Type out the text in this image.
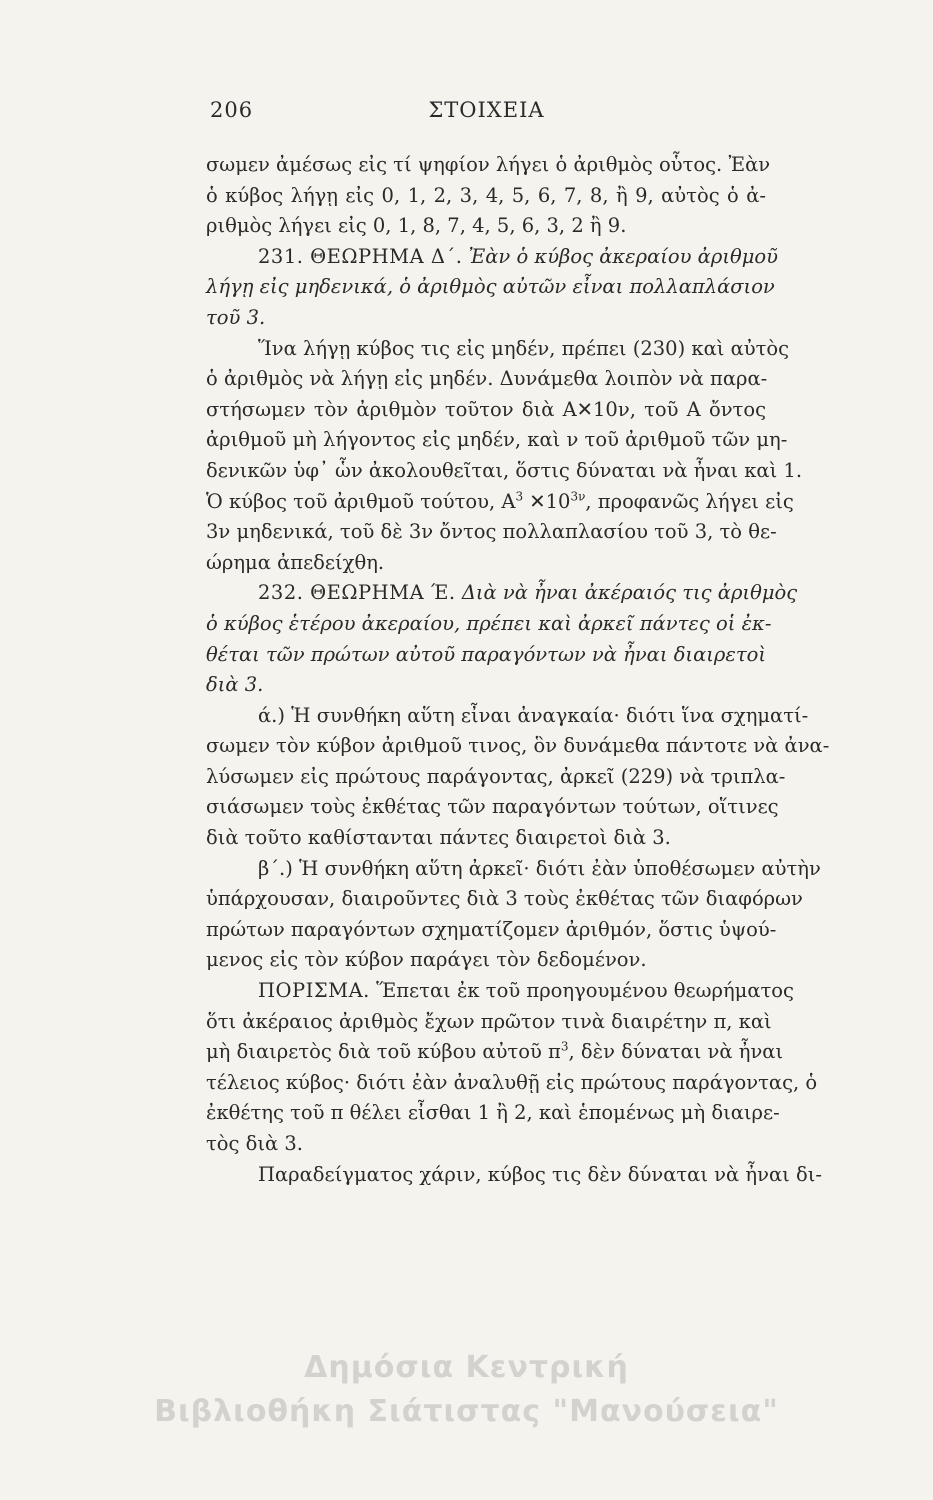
206	ΣΤΟΙΧΕΙΑ
σωμεν ἀμέσως εἰς τί ψηφίον λήγει ὁ ἀριθμὸς οὗτος. Ἐὰν
ὁ κύβος λήγῃ εἰς 0, 1, 2, 3, 4, 5, 6, 7, 8, ἢ 9, αὐτὸς ὁ ἀ-
ριθμὸς λήγει εἰς 0, 1, 8, 7, 4, 5, 6, 3, 2 ἢ 9.
231. ΘΕΩΡΗΜΑ Δ΄. Ἐὰν ὁ κύβος ἀκεραίου ἀριθμοῦ
λήγῃ εἰς μηδενικά, ὁ ἀριθμὸς αὐτῶν εἶναι πολλαπλάσιον
τοῦ 3.
Ἵνα λήγῃ κύβος τις εἰς μηδέν, πρέπει (230) καὶ αὐτὸς
ὁ ἀριθμὸς νὰ λήγῃ εἰς μηδέν. Δυνάμεθα λοιπὸν νὰ παρα-
στήσωμεν τὸν ἀριθμὸν τοῦτον διὰ Α✕10ν, τοῦ Α ὄντος
ἀριθμοῦ μὴ λήγοντος εἰς μηδέν, καὶ ν τοῦ ἀριθμοῦ τῶν μη-
δενικῶν ὑφ᾽ ὧν ἀκολουθεῖται, ὅστις δύναται νὰ ἦναι καὶ 1.
Ὁ κύβος τοῦ ἀριθμοῦ τούτου, $A^3$ $✕10^{3\nu}$, προφανῶς λήγει εἰς
3ν μηδενικά, τοῦ δὲ 3ν ὄντος πολλαπλασίου τοῦ 3, τὸ θε-
ώρημα ἀπεδείχθη.
232. ΘΕΩΡΗΜΑ Έ. Διὰ νὰ ἦναι ἀκέραιός τις ἀριθμὸς
ὁ κύβος ἑτέρου ἀκεραίου, πρέπει καὶ ἀρκεῖ πάντες οἱ ἐκ-
θέται τῶν πρώτων αὐτοῦ παραγόντων νὰ ἦναι διαιρετοὶ
διὰ 3.
ά.) Ἡ συνθήκη αὕτη εἶναι ἀναγκαία· διότι ἵνα σχηματί-
σωμεν τὸν κύβον ἀριθμοῦ τινος, ὃν δυνάμεθα πάντοτε νὰ ἀνα-
λύσωμεν εἰς πρώτους παράγοντας, ἀρκεῖ (229) νὰ τριπλα-
σιάσωμεν τοὺς ἐκθέτας τῶν παραγόντων τούτων, οἵτινες
διὰ τοῦτο καθίστανται πάντες διαιρετοὶ διὰ 3.
β΄.) Ἡ συνθήκη αὕτη ἀρκεῖ· διότι ἐὰν ὑποθέσωμεν αὐτὴν
ὑπάρχουσαν, διαιροῦντες διὰ 3 τοὺς ἐκθέτας τῶν διαφόρων
πρώτων παραγόντων σχηματίζομεν ἀριθμόν, ὅστις ὑψού-
μενος εἰς τὸν κύβον παράγει τὸν δεδομένον.
ΠΟΡΙΣΜΑ. Ἕπεται ἐκ τοῦ προηγουμένου θεωρήματος
ὅτι ἀκέραιος ἀριθμὸς ἔχων πρῶτον τινὰ διαιρέτην π, καὶ
μὴ διαιρετὸς διὰ τοῦ κύβου αὐτοῦ $\pi^3$, δὲν δύναται νὰ ἦναι
τέλειος κύβος· διότι ἐὰν ἀναλυθῇ εἰς πρώτους παράγοντας, ὁ
ἐκθέτης τοῦ π θέλει εἶσθαι 1 ἢ 2, καὶ ἑπομένως μὴ διαιρε-
τὸς διὰ 3.
Παραδείγματος χάριν, κύβος τις δὲν δύναται νὰ ἦναι δι-
Δημόσια Κεντρική
Βιβλιοθήκη Σιάτιστας "Μανούσεια"
